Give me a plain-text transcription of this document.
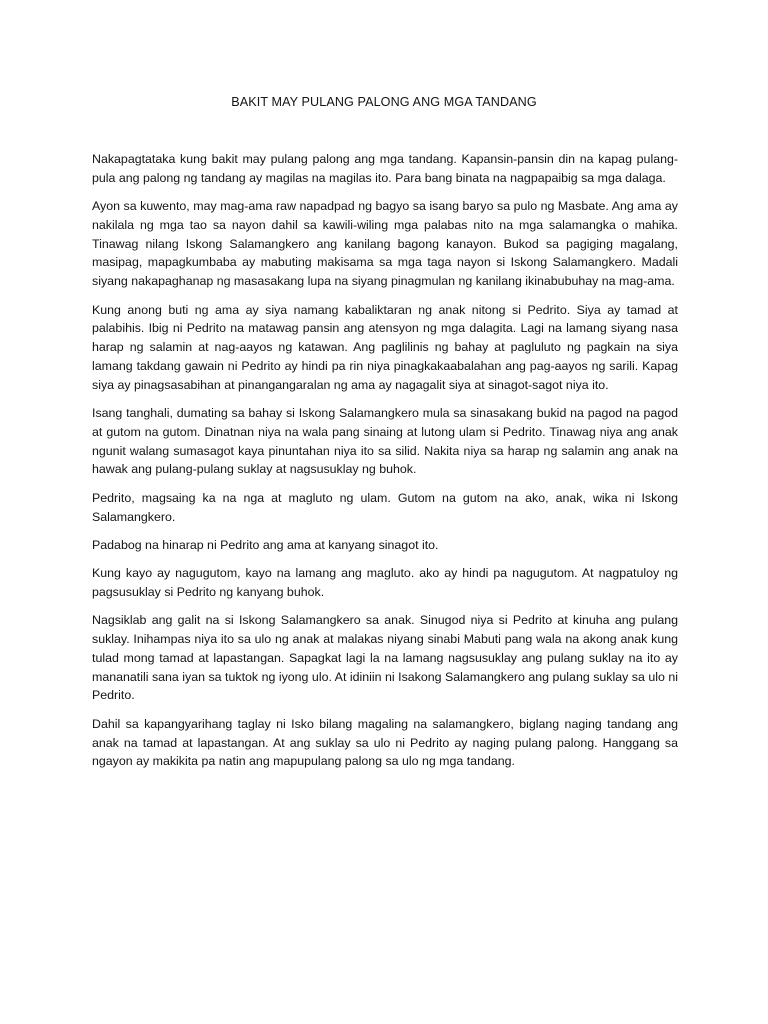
BAKIT MAY PULANG PALONG ANG MGA TANDANG

Nakapagtataka kung bakit may pulang palong ang mga tandang. Kapansin-pansin din na kapag pulang-pula ang palong ng tandang ay magilas na magilas ito. Para bang binata na nagpapaibig sa mga dalaga.

Ayon sa kuwento, may mag-ama raw napadpad ng bagyo sa isang baryo sa pulo ng Masbate. Ang ama ay nakilala ng mga tao sa nayon dahil sa kawili-wiling mga palabas nito na mga salamangka o mahika. Tinawag nilang Iskong Salamangkero ang kanilang bagong kanayon. Bukod sa pagiging magalang, masipag, mapagkumbaba ay mabuting makisama sa mga taga nayon si Iskong Salamangkero. Madali siyang nakapaghanap ng masasakang lupa na siyang pinagmulan ng kanilang ikinabubuhay na mag-ama.

Kung anong buti ng ama ay siya namang kabaliktaran ng anak nitong si Pedrito. Siya ay tamad at palabihis. Ibig ni Pedrito na matawag pansin ang atensyon ng mga dalagita. Lagi na lamang siyang nasa harap ng salamin at nag-aayos ng katawan. Ang paglilinis ng bahay at pagluluto ng pagkain na siya lamang takdang gawain ni Pedrito ay hindi pa rin niya pinagkakaabalahan ang pag-aayos ng sarili. Kapag siya ay pinagsasabihan at pinangangaralan ng ama ay nagagalit siya at sinagot-sagot niya ito.

Isang tanghali, dumating sa bahay si Iskong Salamangkero mula sa sinasakang bukid na pagod na pagod at gutom na gutom. Dinatnan niya na wala pang sinaing at lutong ulam si Pedrito. Tinawag niya ang anak ngunit walang sumasagot kaya pinuntahan niya ito sa silid. Nakita niya sa harap ng salamin ang anak na hawak ang pulang-pulang suklay at nagsusuklay ng buhok.

Pedrito, magsaing ka na nga at magluto ng ulam. Gutom na gutom na ako, anak, wika ni Iskong Salamangkero.

Padabog na hinarap ni Pedrito ang ama at kanyang sinagot ito.

Kung kayo ay nagugutom, kayo na lamang ang magluto. ako ay hindi pa nagugutom. At nagpatuloy ng pagsusuklay si Pedrito ng kanyang buhok.

Nagsiklab ang galit na si Iskong Salamangkero sa anak. Sinugod niya si Pedrito at kinuha ang pulang suklay. Inihampas niya ito sa ulo ng anak at malakas niyang sinabi Mabuti pang wala na akong anak kung tulad mong tamad at lapastangan. Sapagkat lagi la na lamang nagsusuklay ang pulang suklay na ito ay mananatili sana iyan sa tuktok ng iyong ulo. At idiniin ni Isakong Salamangkero ang pulang suklay sa ulo ni Pedrito.

Dahil sa kapangyarihang taglay ni Isko bilang magaling na salamangkero, biglang naging tandang ang anak na tamad at lapastangan. At ang suklay sa ulo ni Pedrito ay naging pulang palong. Hanggang sa ngayon ay makikita pa natin ang mapupulang palong sa ulo ng mga tandang.
